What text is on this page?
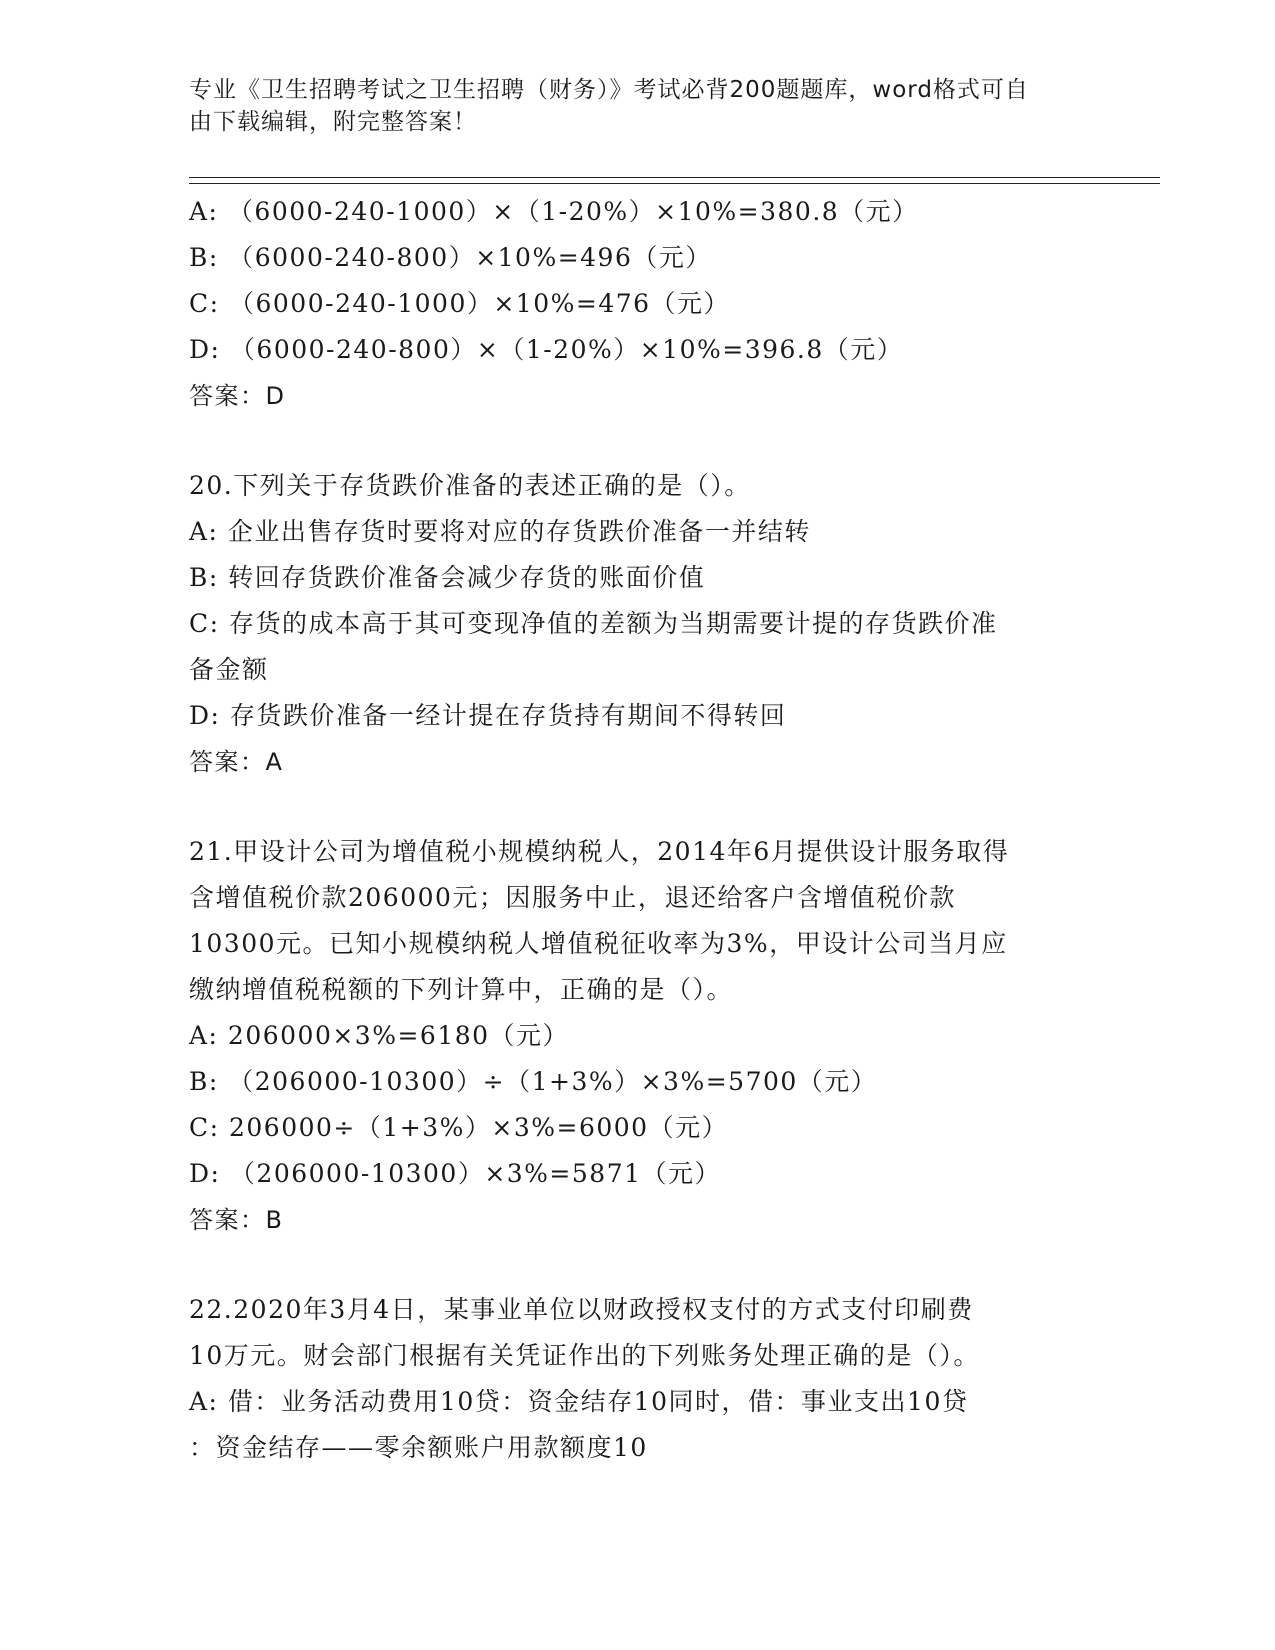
专业《卫生招聘考试之卫生招聘（财务）》考试必背200题题库，word格式可自
由下载编辑，附完整答案！
A: （6000-240-1000）×（1-20%）×10%=380.8（元）
B: （6000-240-800）×10%=496（元）
C: （6000-240-1000）×10%=476（元）
D: （6000-240-800）×（1-20%）×10%=396.8（元）
答案：D
20.下列关于存货跌价准备的表述正确的是（）。
A: 企业出售存货时要将对应的存货跌价准备一并结转
B: 转回存货跌价准备会减少存货的账面价值
C: 存货的成本高于其可变现净值的差额为当期需要计提的存货跌价准
备金额
D: 存货跌价准备一经计提在存货持有期间不得转回
答案：A
21.甲设计公司为增值税小规模纳税人，2014年6月提供设计服务取得
含增值税价款206000元；因服务中止，退还给客户含增值税价款
10300元。已知小规模纳税人增值税征收率为3%，甲设计公司当月应
缴纳增值税税额的下列计算中，正确的是（）。
A: 206000×3%=6180（元）
B: （206000-10300）÷（1+3%）×3%=5700（元）
C: 206000÷（1+3%）×3%=6000（元）
D: （206000-10300）×3%=5871（元）
答案：B
22.2020年3月4日，某事业单位以财政授权支付的方式支付印刷费
10万元。财会部门根据有关凭证作出的下列账务处理正确的是（）。
A: 借：业务活动费用10贷：资金结存10同时，借：事业支出10贷
：资金结存——零余额账户用款额度10
